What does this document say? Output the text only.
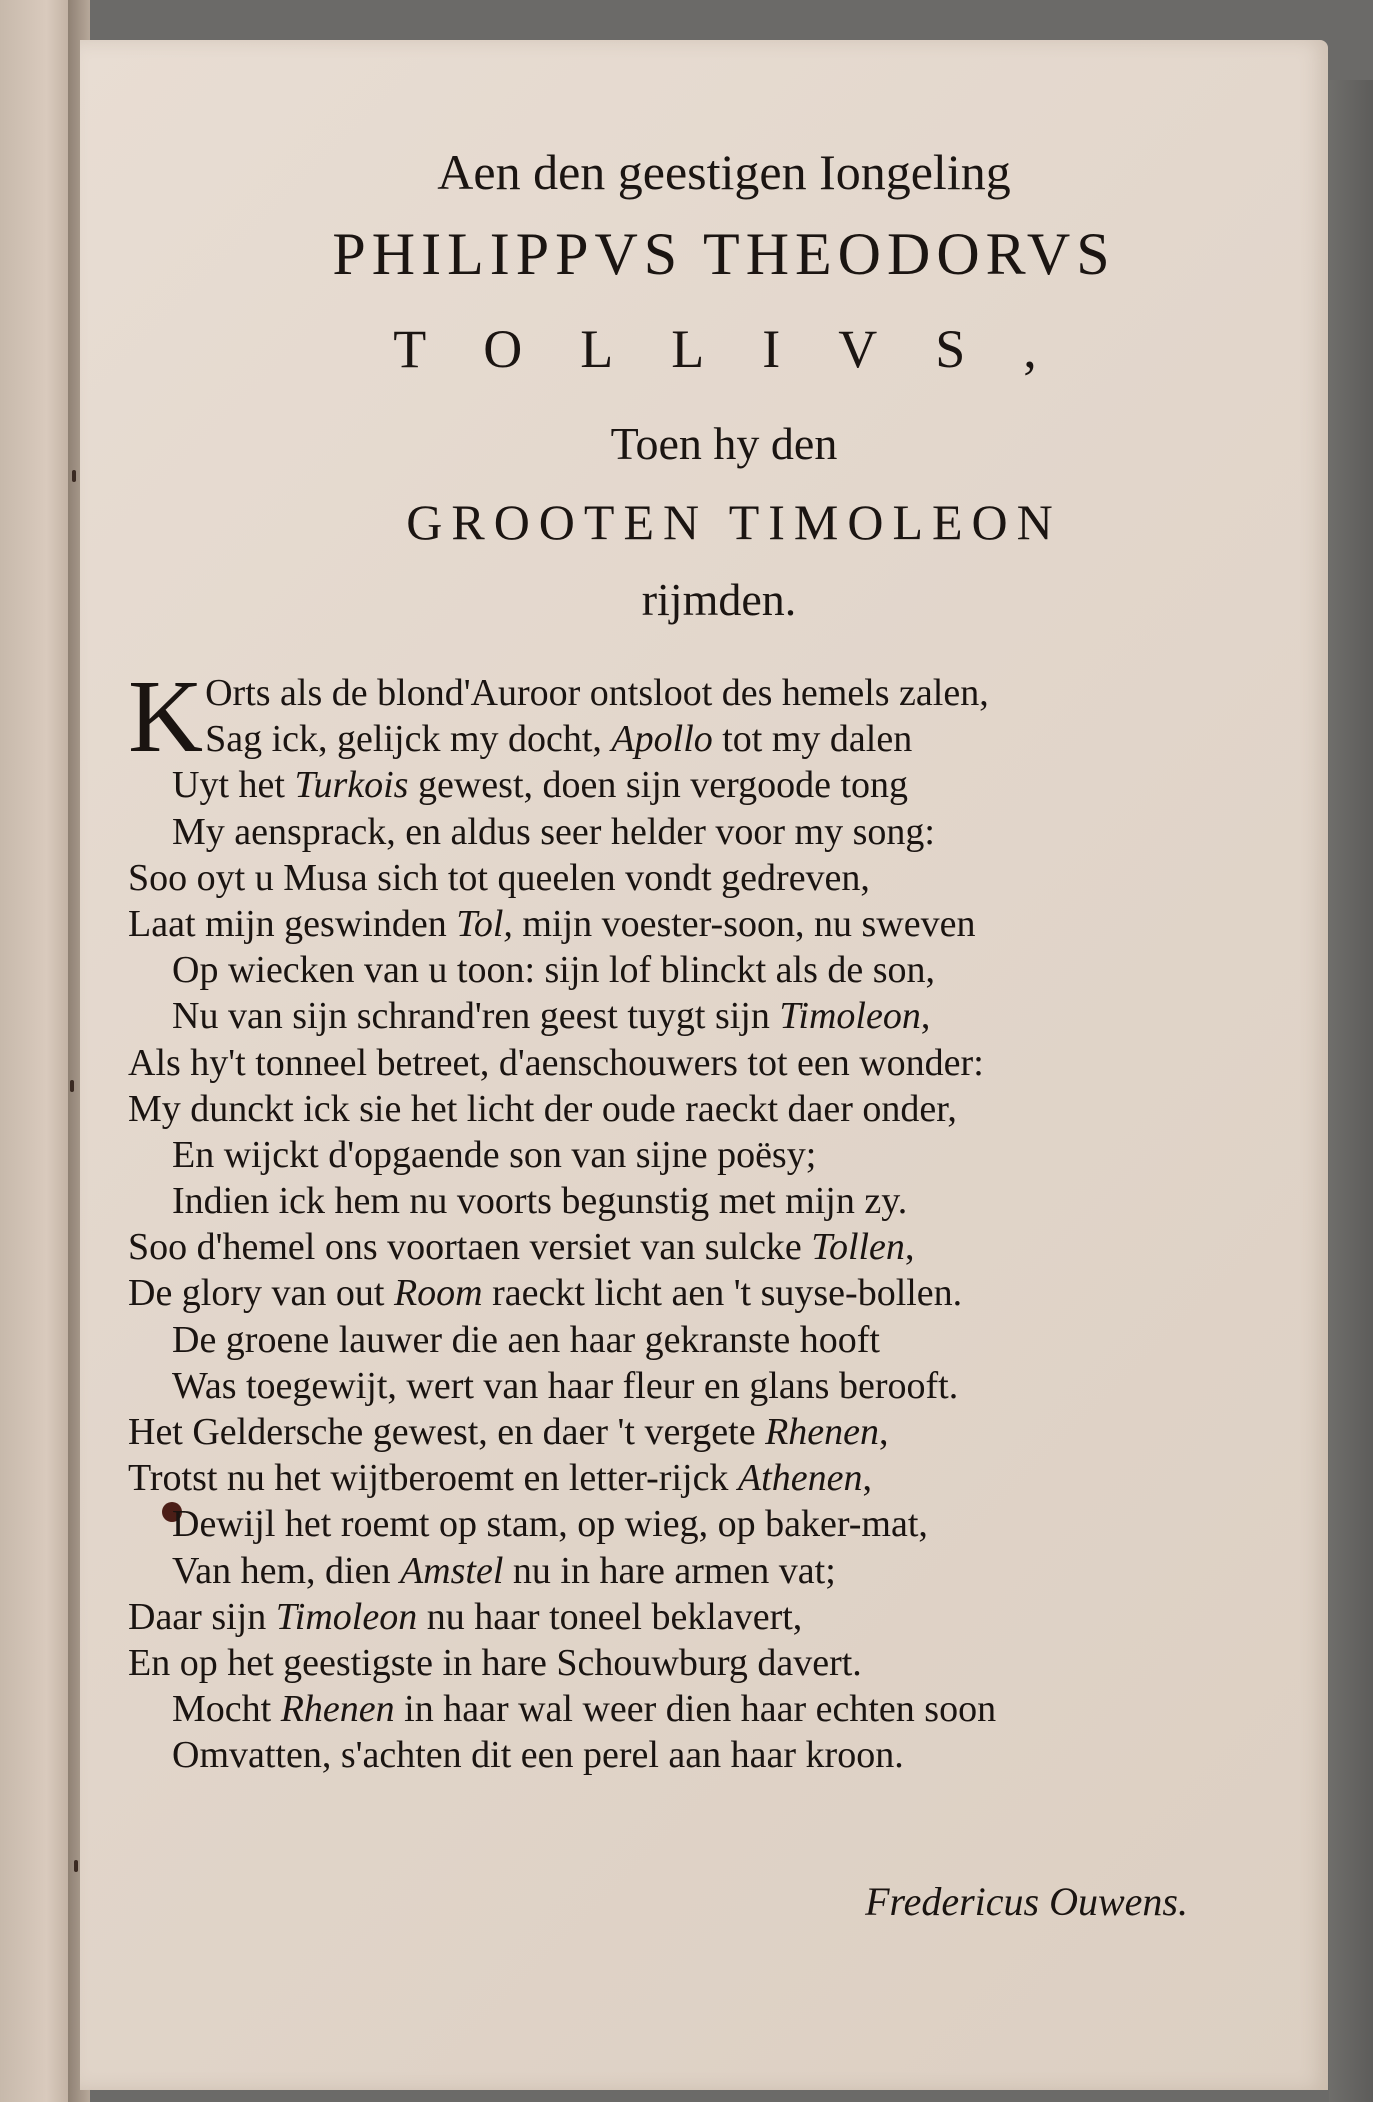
Aen den geestigen Iongeling
PHILIPPVS THEODORVS
TOLLIVS,
Toen hy den
GROOTEN TIMOLEON
rijmden.
Fredericus Ouwens.
K Orts als de blond'Auroor ontsloot des hemels zalen,
Sag ick, gelijck my docht, Apollo tot my dalen
Uyt het Turkois gewest, doen sijn vergoode tong
My aensprack, en aldus seer helder voor my song:
Soo oyt u Musa sich tot queelen vondt gedreven,
Laat mijn geswinden Tol, mijn voester-soon, nu sweven
Op wiecken van u toon: sijn lof blinckt als de son,
Nu van sijn schrand'ren geest tuygt sijn Timoleon,
Als hy't tonneel betreet, d'aenschouwers tot een wonder:
My dunckt ick sie het licht der oude raeckt daer onder,
En wijckt d'opgaende son van sijne poësy;
Indien ick hem nu voorts begunstig met mijn zy.
Soo d'hemel ons voortaen versiet van sulcke Tollen,
De glory van out Room raeckt licht aen 't suyse-bollen.
De groene lauwer die aen haar gekranste hooft
Was toegewijt, wert van haar fleur en glans berooft.
Het Geldersche gewest, en daer 't vergete Rhenen,
Trotst nu het wijtberoemt en letter-rijck Athenen,
Dewijl het roemt op stam, op wieg, op baker-mat,
Van hem, dien Amstel nu in hare armen vat;
Daar sijn Timoleon nu haar toneel beklavert,
En op het geestigste in hare Schouwburg davert.
Mocht Rhenen in haar wal weer dien haar echten soon
Omvatten, s'achten dit een perel aan haar kroon.
